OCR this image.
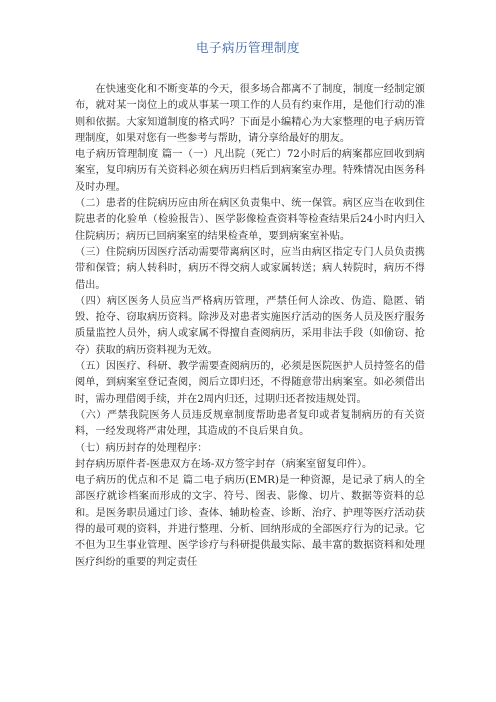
电子病历管理制度

在快速变化和不断变革的今天，很多场合都离不了制度，制度一经制定颁布，就对某一岗位上的或从事某一项工作的人员有约束作用，是他们行动的准则和依据。大家知道制度的格式吗？下面是小编精心为大家整理的电子病历管理制度，如果对您有一些参考与帮助，请分享给最好的朋友。

电子病历管理制度 篇一（一）凡出院（死亡）72小时后的病案都应回收到病案室，复印病历有关资料必须在病历归档后到病案室办理。特殊情况由医务科及时办理。

（二）患者的住院病历应由所在病区负责集中、统一保管。病区应当在收到住院患者的化验单（检验报告）、医学影像检查资料等检查结果后24小时内归入住院病历；病历已回病案室的结果检查单，要到病案室补贴。

（三）住院病历因医疗活动需要带离病区时，应当由病区指定专门人员负责携带和保管；病人转科时，病历不得交病人或家属转送；病人转院时，病历不得借出。

（四）病区医务人员应当严格病历管理，严禁任何人涂改、伪造、隐匿、销毁、抢夺、窃取病历资料。除涉及对患者实施医疗活动的医务人员及医疗服务质量监控人员外，病人或家属不得擅自查阅病历，采用非法手段（如偷窃、抢夺）获取的病历资料视为无效。

（五）因医疗、科研、教学需要查阅病历的，必须是医院医护人员持签名的借阅单，到病案室登记查阅，阅后立即归还，不得随意带出病案室。如必须借出时，需办理借阅手续，并在2周内归还，过期归还者按违规处罚。

（六）严禁我院医务人员违反规章制度帮助患者复印或者复制病历的有关资料，一经发现将严肃处理，其造成的不良后果自负。

（七）病历封存的处理程序：

封存病历原件者-医患双方在场-双方签字封存（病案室留复印件）。

电子病历的优点和不足 篇二电子病历(EMR)是一种资源，是记录了病人的全部医疗就诊档案而形成的文字、符号、图表、影像、切片、数据等资料的总和。是医务职员通过门诊、查体、辅助检查、诊断、治疗、护理等医疗活动获得的最可观的资料，并进行整理、分析、回纳形成的全部医疗行为的记录。它不但为卫生事业管理、医学诊疗与科研提供最实际、最丰富的数据资料和处理医疗纠纷的重要的判定责任
